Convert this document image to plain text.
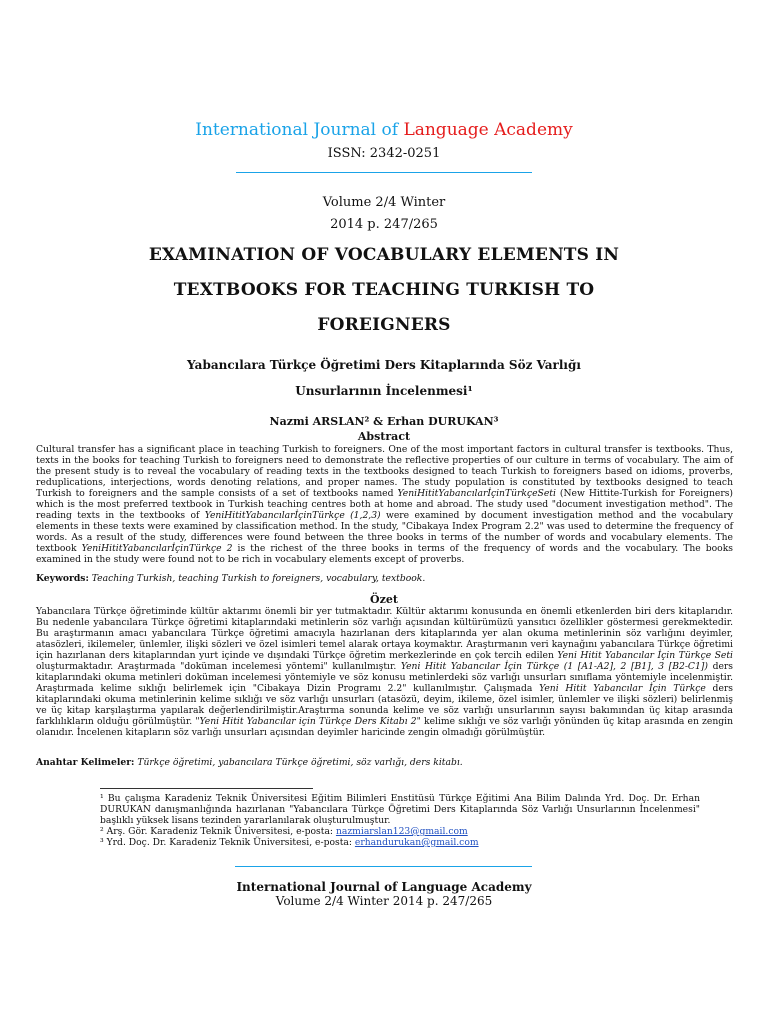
International Journal of Language Academy
ISSN: 2342-0251
Volume 2/4 Winter
2014 p. 247/265
EXAMINATION OF VOCABULARY ELEMENTS IN
TEXTBOOKS FOR TEACHING TURKISH TO
FOREIGNERS
Yabancılara Türkçe Öğretimi Ders Kitaplarında Söz Varlığı
Unsurlarının İncelenmesi¹
Nazmi ARSLAN² & Erhan DURUKAN³
Abstract
Cultural transfer has a significant place in teaching Turkish to foreigners. One of the most important factors in cultural transfer is textbooks. Thus, texts in the books for teaching Turkish to foreigners need to demonstrate the reflective properties of our culture in terms of vocabulary. The aim of the present study is to reveal the vocabulary of reading texts in the textbooks designed to teach Turkish to foreigners based on idioms, proverbs, reduplications, interjections, words denoting relations, and proper names. The study population is constituted by textbooks designed to teach Turkish to foreigners and the sample consists of a set of textbooks named YeniHititYabancılarİçinTürkçeSeti (New Hittite-Turkish for Foreigners) which is the most preferred textbook in Turkish teaching centres both at home and abroad. The study used "document investigation method". The reading texts in the textbooks of YeniHititYabancılarİçinTürkçe (1,2,3) were examined by document investigation method and the vocabulary elements in these texts were examined by classification method. In the study, "Cibakaya Index Program 2.2" was used to determine the frequency of words. As a result of the study, differences were found between the three books in terms of the number of words and vocabulary elements. The textbook YeniHititYabancılarİçinTürkçe 2 is the richest of the three books in terms of the frequency of words and the vocabulary. The books examined in the study were found not to be rich in vocabulary elements except of proverbs.
Keywords: Teaching Turkish, teaching Turkish to foreigners, vocabulary, textbook.
Özet
Yabancılara Türkçe öğretiminde kültür aktarımı önemli bir yer tutmaktadır. Kültür aktarımı konusunda en önemli etkenlerden biri ders kitaplarıdır. Bu nedenle yabancılara Türkçe öğretimi kitaplarındaki metinlerin söz varlığı açısından kültürümüzü yansıtıcı özellikler göstermesi gerekmektedir. Bu araştırmanın amacı yabancılara Türkçe öğretimi amacıyla hazırlanan ders kitaplarında yer alan okuma metinlerinin söz varlığını deyimler, atasözleri, ikilemeler, ünlemler, ilişki sözleri ve özel isimleri temel alarak ortaya koymaktır. Araştırmanın veri kaynağını yabancılara Türkçe öğretimi için hazırlanan ders kitaplarından yurt içinde ve dışındaki Türkçe öğretim merkezlerinde en çok tercih edilen Yeni Hitit Yabancılar İçin Türkçe Seti oluşturmaktadır. Araştırmada "doküman incelemesi yöntemi" kullanılmıştır. Yeni Hitit Yabancılar İçin Türkçe (1 [A1-A2], 2 [B1], 3 [B2-C1]) ders kitaplarındaki okuma metinleri doküman incelemesi yöntemiyle ve söz konusu metinlerdeki söz varlığı unsurları sınıflama yöntemiyle incelenmiştir. Araştırmada kelime sıklığı belirlemek için "Cibakaya Dizin Programı 2.2" kullanılmıştır. Çalışmada Yeni Hitit Yabancılar İçin Türkçe ders kitaplarındaki okuma metinlerinin kelime sıklığı ve söz varlığı unsurları (atasözü, deyim, ikileme, özel isimler, ünlemler ve ilişki sözleri) belirlenmiş ve üç kitap karşılaştırma yapılarak değerlendirilmiştir.Araştırma sonunda kelime ve söz varlığı unsurlarının sayısı bakımından üç kitap arasında farklılıkların olduğu görülmüştür. "Yeni Hitit Yabancılar için Türkçe Ders Kitabı 2" kelime sıklığı ve söz varlığı yönünden üç kitap arasında en zengin olanıdır. İncelenen kitapların söz varlığı unsurları açısından deyimler haricinde zengin olmadığı görülmüştür.
Anahtar Kelimeler: Türkçe öğretimi, yabancılara Türkçe öğretimi, söz varlığı, ders kitabı.

¹ Bu çalışma Karadeniz Teknik Üniversitesi Eğitim Bilimleri Enstitüsü Türkçe Eğitimi Ana Bilim Dalında Yrd. Doç. Dr. Erhan DURUKAN danışmanlığında hazırlanan "Yabancılara Türkçe Öğretimi Ders Kitaplarında Söz Varlığı Unsurlarının İncelenmesi" başlıklı yüksek lisans tezinden yararlanılarak oluşturulmuştur.

² Arş. Gör. Karadeniz Teknik Üniversitesi, e-posta: nazmiarslan123@gmail.com

³ Yrd. Doç. Dr. Karadeniz Teknik Üniversitesi, e-posta: erhandurukan@gmail.com

International Journal of Language Academy
Volume 2/4 Winter 2014 p. 247/265
